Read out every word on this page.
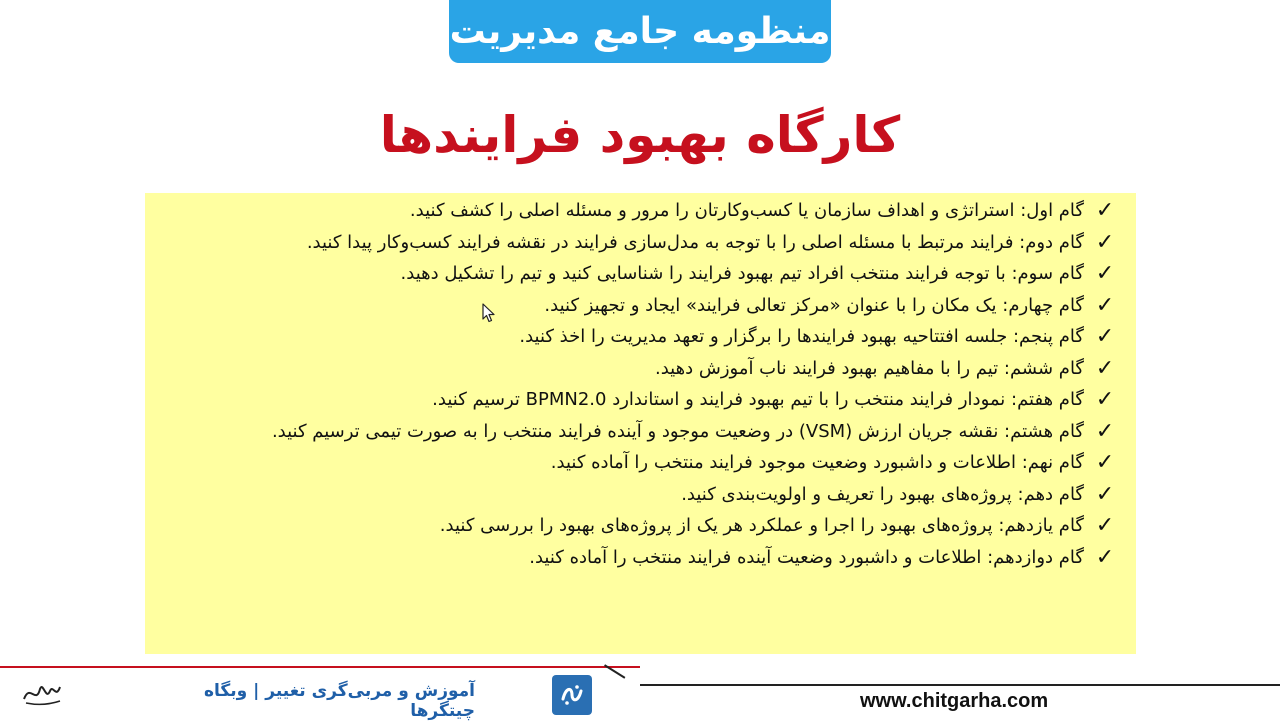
منظومه جامع مدیریت
کارگاه بهبود فرایندها
✓
گام اول: استراتژی و اهداف سازمان یا کسب‌وکارتان را مرور و مسئله اصلی را کشف کنید.
✓
گام دوم: فرایند مرتبط با مسئله اصلی را با توجه به مدل‌سازی فرایند در نقشه فرایند کسب‌وکار پیدا کنید.
✓
گام سوم: با توجه فرایند منتخب افراد تیم بهبود فرایند را شناسایی کنید و تیم را تشکیل دهید.
✓
گام چهارم: یک مکان را با عنوان «مرکز تعالی فرایند» ایجاد و تجهیز کنید.
✓
گام پنجم: جلسه افتتاحیه بهبود فرایندها را برگزار و تعهد مدیریت را اخذ کنید.
✓
گام ششم: تیم را با مفاهیم بهبود فرایند ناب آموزش دهید.
✓
گام هفتم: نمودار فرایند منتخب را با تیم بهبود فرایند و استاندارد BPMN2.0 ترسیم کنید.
✓
گام هشتم: نقشه جریان ارزش (VSM) در وضعیت موجود و آینده فرایند منتخب را به صورت تیمی ترسیم کنید.
✓
گام نهم: اطلاعات و داشبورد وضعیت موجود فرایند منتخب را آماده کنید.
✓
گام دهم: پروژه‌های بهبود را تعریف و اولویت‌بندی کنید.
✓
گام یازدهم: پروژه‌های بهبود را اجرا و عملکرد هر یک از پروژه‌های بهبود را بررسی کنید.
✓
گام دوازدهم: اطلاعات و داشبورد وضعیت آینده فرایند منتخب را آماده کنید.
آموزش و مربی‌گری تغییر | وبگاه چیتگرها	www.chitgarha.com
